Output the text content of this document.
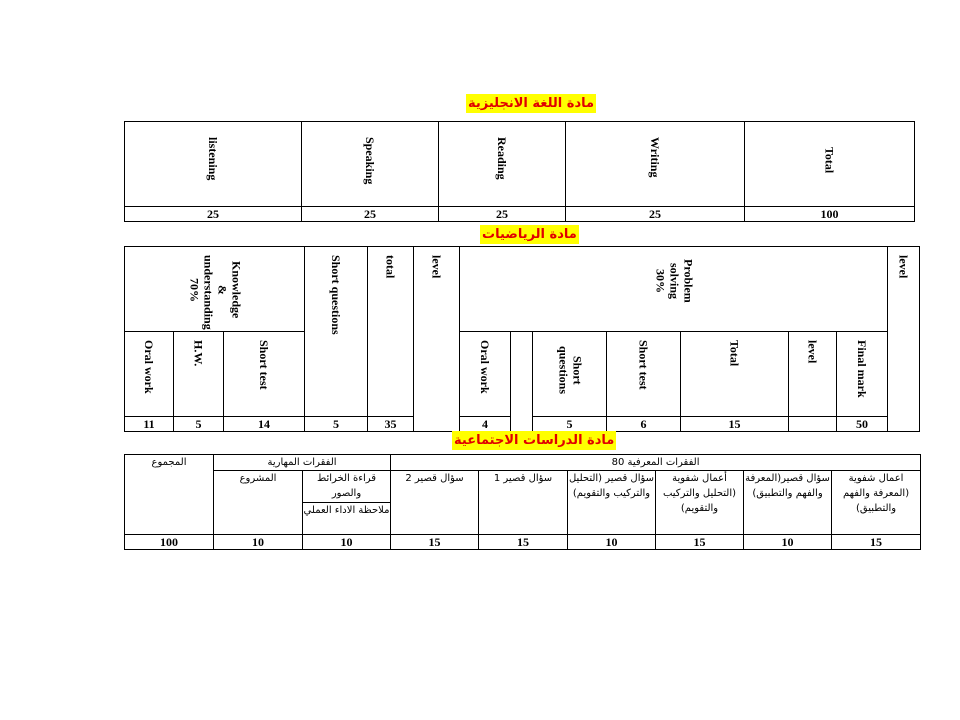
مادة اللغة الانجليزية
listening	Speaking	Reading	Writing	Total
25	25	25	25	100
مادة الرياضيات
Knowledge & understanding 70%			Short questions	total	level	Problem solving 30%							level
Oral work	H.W.	Short test				Oral work		Short questions	Short test	Total	level	Final mark	
11	5	14	5	35		4		5	6	15		50	
مادة الدراسات الاجتماعية
المجموع	الفقرات المهارية		الفقرات المعرفية 80					
	المشروع	قراءة الخرائط والصور	سؤال قصير 2	سؤال قصير 1	سؤال قصير (التحليل والتركيب والتقويم)	أعمال شفوية (التحليل والتركيب والتقويم)	سؤال قصير(المعرفة والفهم والتطبيق)	اعمال شفوية (المعرفة والفهم والتطبيق)
		ملاحظة الاداء العملي						
100	10	10	15	15	10	15	10	15
